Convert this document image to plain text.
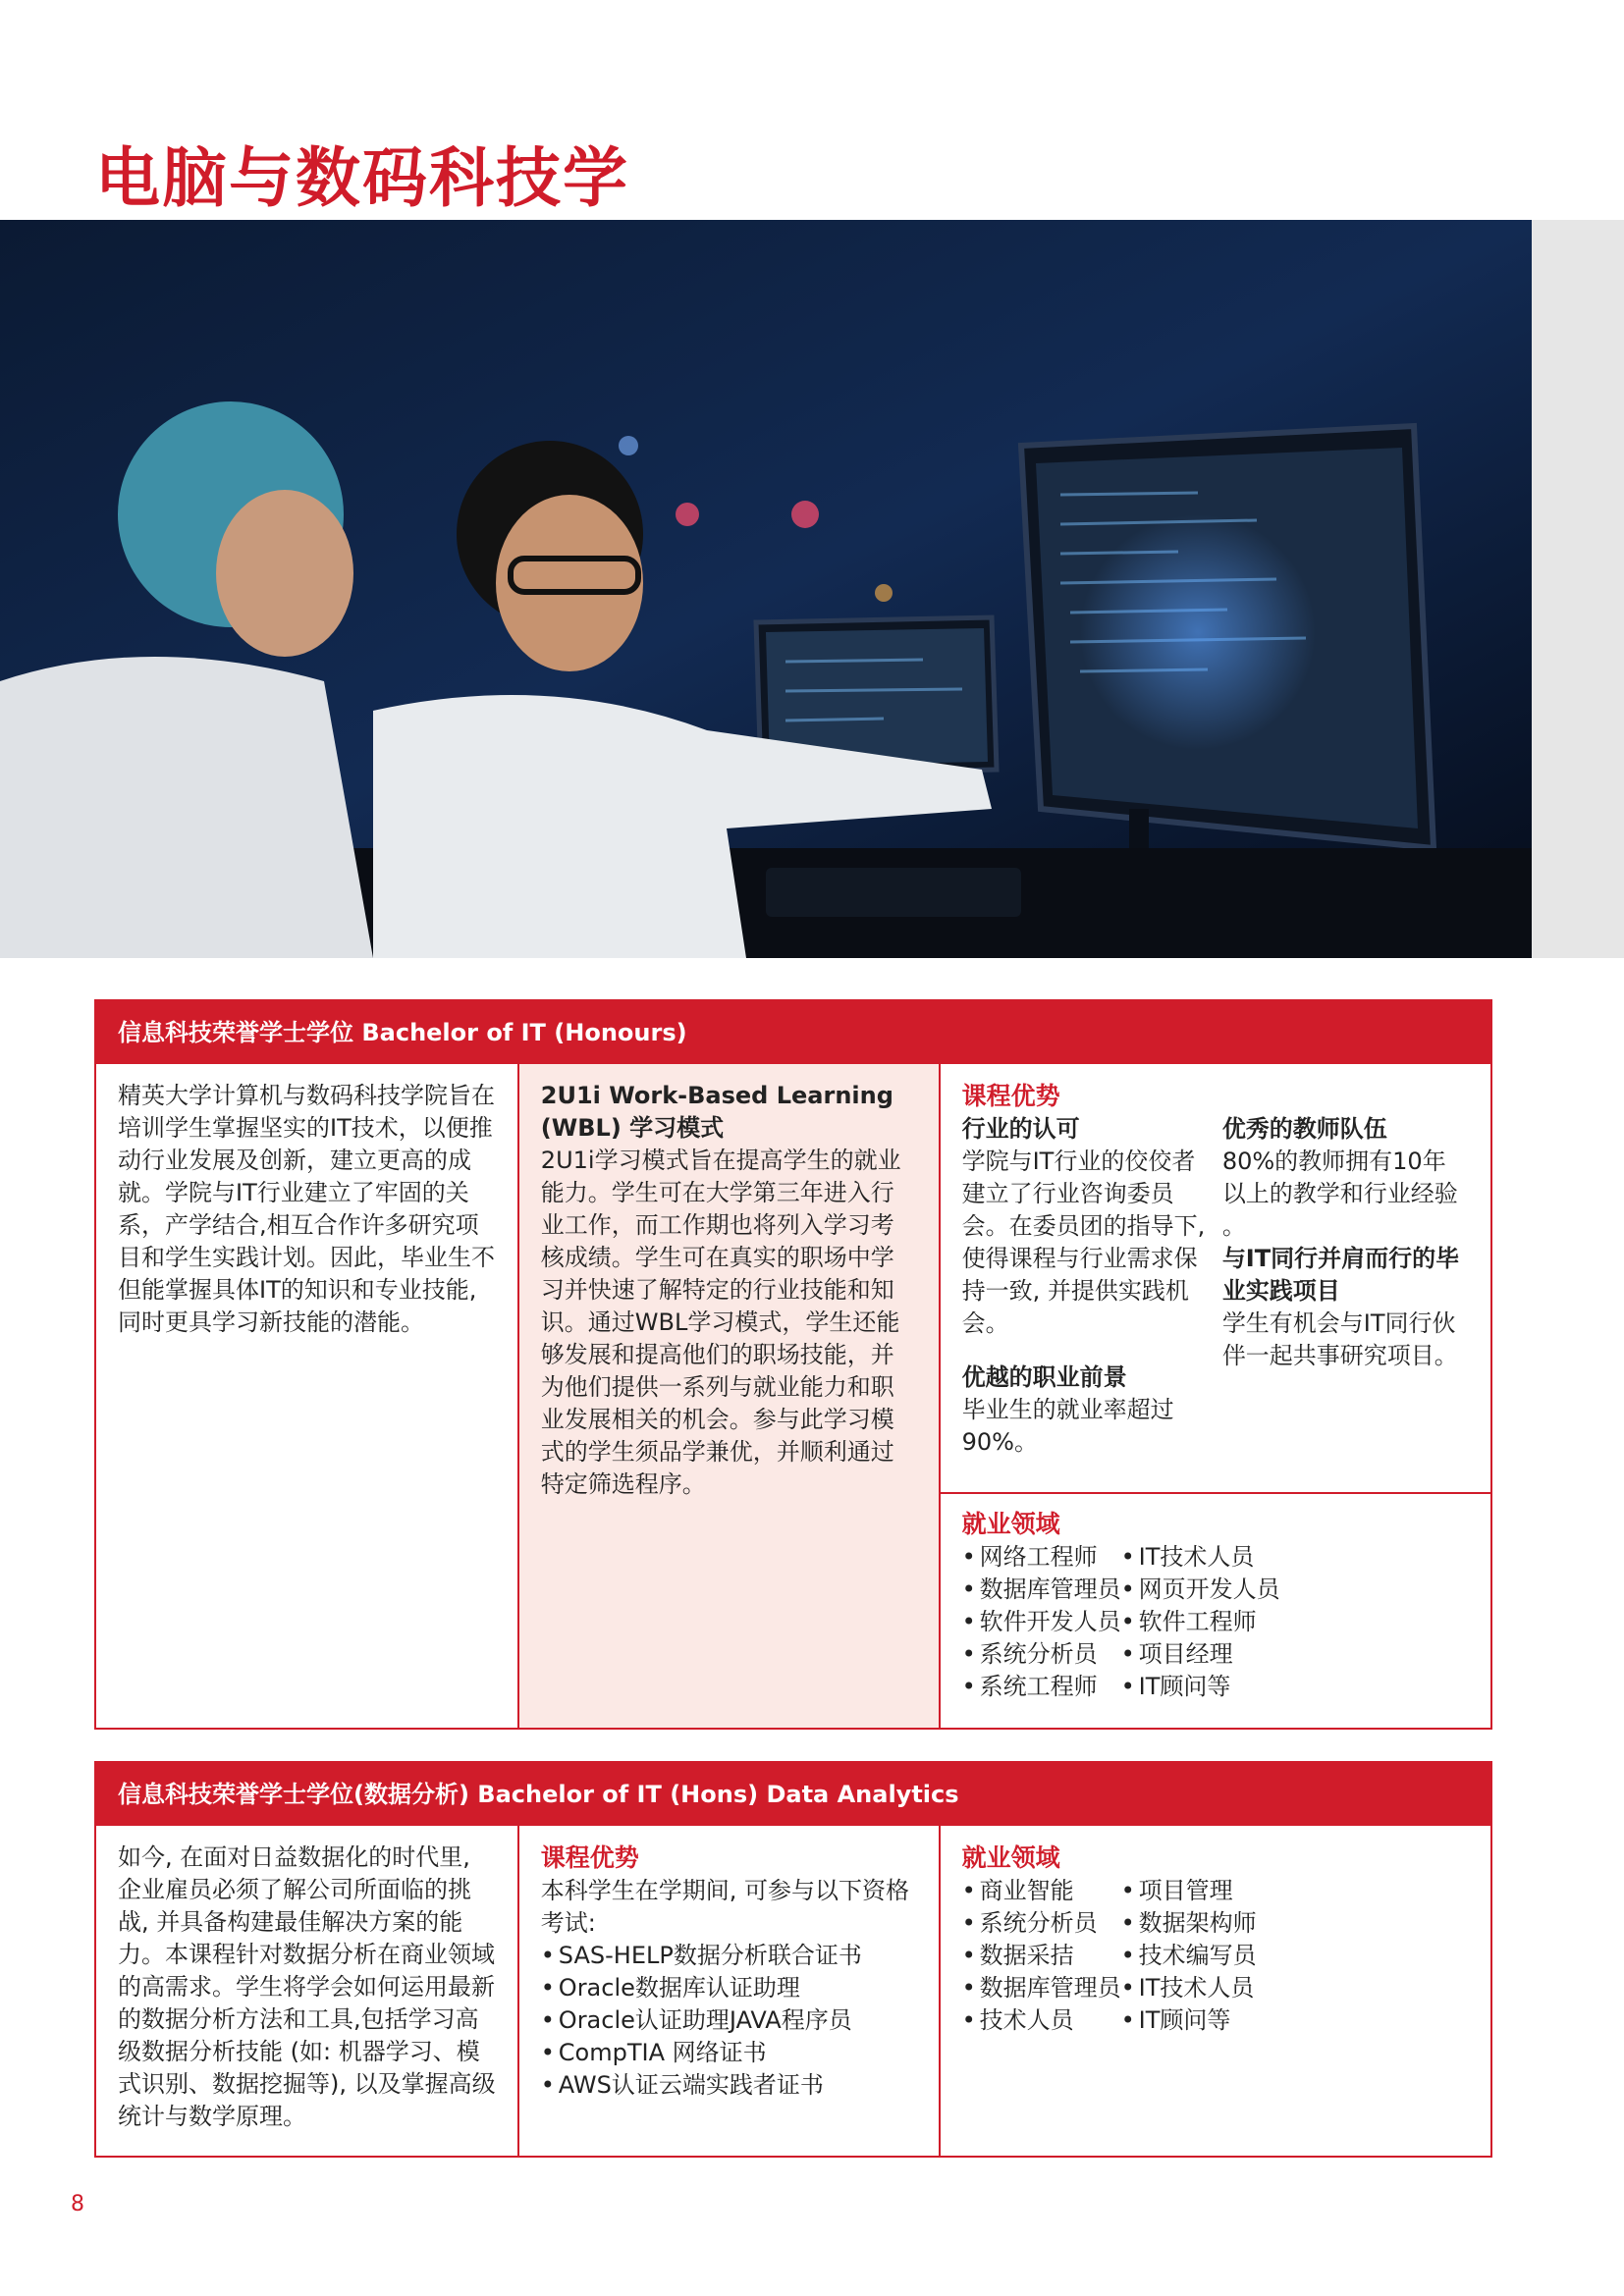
电脑与数码科技学
信息科技荣誉学士学位 Bachelor of IT (Honours)

精英大学计算机与数码科技学院旨在培训学生掌握坚实的IT技术，以便推动行业发展及创新，建立更高的成就。学院与IT行业建立了牢固的关系，产学结合,相互合作许多研究项目和学生实践计划。因此，毕业生不但能掌握具体IT的知识和专业技能, 同时更具学习新技能的潜能。

2U1i Work-Based Learning (WBL) 学习模式

2U1i学习模式旨在提高学生的就业能力。学生可在大学第三年进入行业工作，而工作期也将列入学习考核成绩。学生可在真实的职场中学习并快速了解特定的行业技能和知识。通过WBL学习模式，学生还能够发展和提高他们的职场技能，并为他们提供一系列与就业能力和职业发展相关的机会。参与此学习模式的学生须品学兼优，并顺利通过特定筛选程序。

课程优势
行业的认可
学院与IT行业的佼佼者建立了行业咨询委员会。在委员团的指导下,使得课程与行业需求保持一致, 并提供实践机会。
优越的职业前景
毕业生的就业率超过90%。
优秀的教师队伍
80%的教师拥有10年以上的教学和行业经验 。
与IT同行并肩而行的毕业实践项目
学生有机会与IT同行伙伴一起共事研究项目。
就业领域
• 网络工程师
• 数据库管理员
• 软件开发人员
• 系统分析员
• 系统工程师
• IT技术人员
• 网页开发人员
• 软件工程师
• 项目经理
• IT顾问等
信息科技荣誉学士学位(数据分析) Bachelor of IT (Hons) Data Analytics

如今, 在面对日益数据化的时代里, 企业雇员必须了解公司所面临的挑战, 并具备构建最佳解决方案的能力。本课程针对数据分析在商业领域的高需求。学生将学会如何运用最新的数据分析方法和工具,包括学习高级数据分析技能 (如: 机器学习、模式识别、数据挖掘等), 以及掌握高级统计与数学原理。

课程优势
本科学生在学期间, 可参与以下资格考试:
• SAS-HELP数据分析联合证书
• Oracle数据库认证助理
• Oracle认证助理JAVA程序员
• CompTIA 网络证书
• AWS认证云端实践者证书
就业领域
• 商业智能
• 系统分析员
• 数据采拮
• 数据库管理员
• 技术人员
• 项目管理
• 数据架构师
• 技术编写员
• IT技术人员
• IT顾问等
8
